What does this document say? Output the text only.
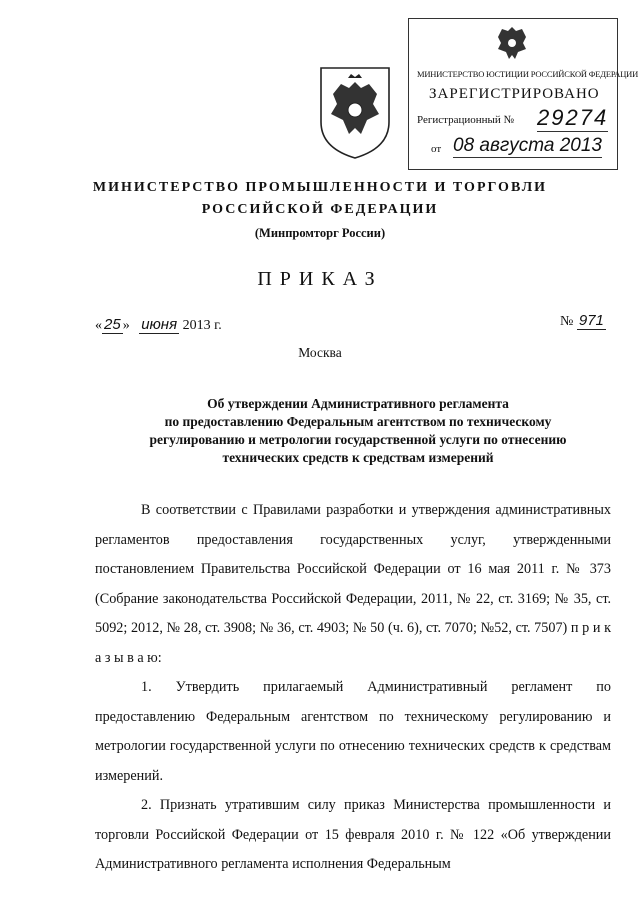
МИНИСТЕРСТВО ЮСТИЦИИ РОССИЙСКОЙ ФЕДЕРАЦИИ
ЗАРЕГИСТРИРОВАНО
Регистрационный № 29274
от 08 августа 2013
МИНИСТЕРСТВО ПРОМЫШЛЕННОСТИ И ТОРГОВЛИ
РОССИЙСКОЙ ФЕДЕРАЦИИ
(Минпромторг России)
ПРИКАЗ
« 25 » июня 2013 г.	№ 971
Москва
Об утверждении Административного регламента
по предоставлению Федеральным агентством по техническому
регулированию и метрологии государственной услуги по отнесению
технических средств к средствам измерений

В соответствии с Правилами разработки и утверждения административных регламентов предоставления государственных услуг, утвержденными постановлением Правительства Российской Федерации от 16 мая 2011 г. № 373 (Собрание законодательства Российской Федерации, 2011, № 22, ст. 3169; № 35, ст. 5092; 2012, № 28, ст. 3908; № 36, ст. 4903; № 50 (ч. 6), ст. 7070; №52, ст. 7507) п р и к а з ы в а ю:

1. Утвердить прилагаемый Административный регламент по предоставлению Федеральным агентством по техническому регулированию и метрологии государственной услуги по отнесению технических средств к средствам измерений.

2. Признать утратившим силу приказ Министерства промышленности и торговли Российской Федерации от 15 февраля 2010 г. № 122 «Об утверждении Административного регламента исполнения Федеральным
